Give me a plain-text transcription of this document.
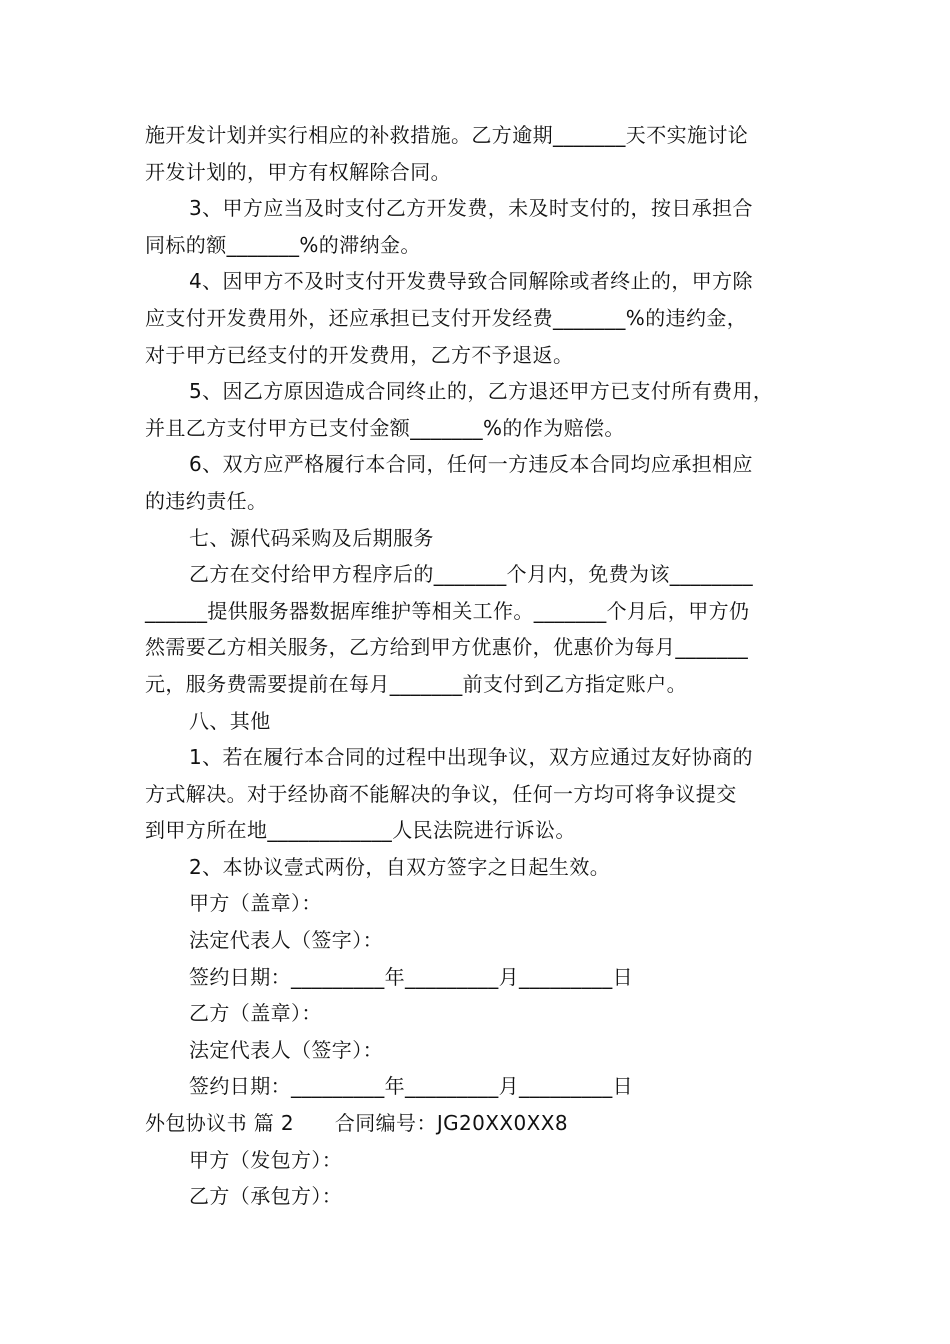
施开发计划并实行相应的补救措施。乙方逾期_______天不实施讨论
开发计划的，甲方有权解除合同。
3、甲方应当及时支付乙方开发费，未及时支付的，按日承担合
同标的额_______%的滞纳金。
4、因甲方不及时支付开发费导致合同解除或者终止的，甲方除
应支付开发费用外，还应承担已支付开发经费_______%的违约金，
对于甲方已经支付的开发费用，乙方不予退返。
5、因乙方原因造成合同终止的，乙方退还甲方已支付所有费用，
并且乙方支付甲方已支付金额_______%的作为赔偿。
6、双方应严格履行本合同，任何一方违反本合同均应承担相应
的违约责任。
七、源代码采购及后期服务
乙方在交付给甲方程序后的_______个月内，免费为该________
______提供服务器数据库维护等相关工作。_______个月后，甲方仍
然需要乙方相关服务，乙方给到甲方优惠价，优惠价为每月_______
元，服务费需要提前在每月_______前支付到乙方指定账户。
八、其他
1、若在履行本合同的过程中出现争议，双方应通过友好协商的
方式解决。对于经协商不能解决的争议，任何一方均可将争议提交
到甲方所在地____________人民法院进行诉讼。
2、本协议壹式两份，自双方签字之日起生效。
甲方（盖章）：
法定代表人（签字）：
签约日期：_________年_________月_________日
乙方（盖章）：
法定代表人（签字）：
签约日期：_________年_________月_________日
外包协议书 篇 2　　合同编号：JG20XX0XX8
甲方（发包方）：
乙方（承包方）：
